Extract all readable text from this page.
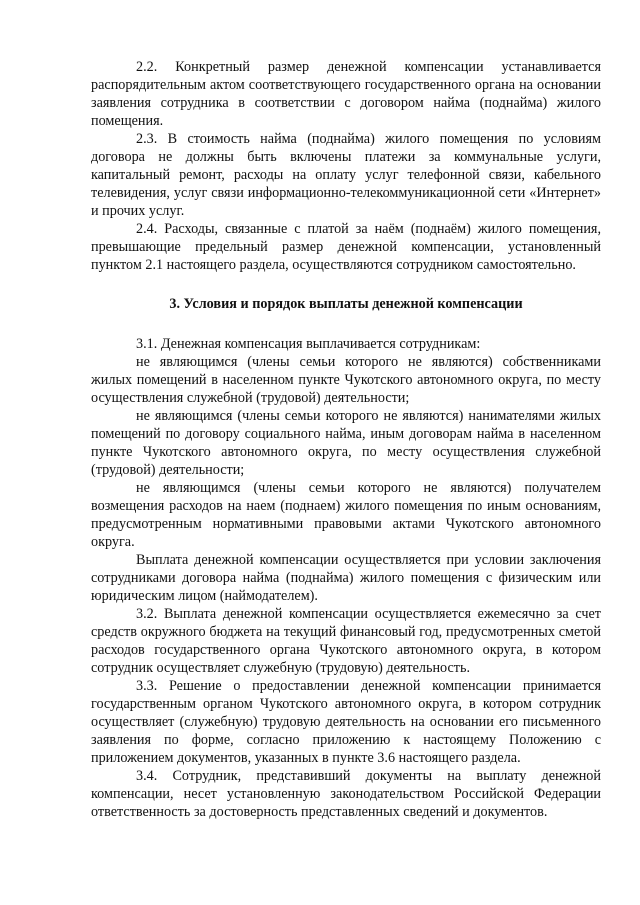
2.2. Конкретный размер денежной компенсации устанавливается распорядительным актом соответствующего государственного органа на основании заявления сотрудника в соответствии с договором найма (поднайма) жилого помещения.

2.3. В стоимость найма (поднайма) жилого помещения по условиям договора не должны быть включены платежи за коммунальные услуги, капитальный ремонт, расходы на оплату услуг телефонной связи, кабельного телевидения, услуг связи информационно-телекоммуникационной сети «Интернет» и прочих услуг.

2.4. Расходы, связанные с платой за наём (поднаём) жилого помещения, превышающие предельный размер денежной компенсации, установленный пунктом 2.1 настоящего раздела, осуществляются сотрудником самостоятельно.

3. Условия и порядок выплаты денежной компенсации

3.1. Денежная компенсация выплачивается сотрудникам:

не являющимся (члены семьи которого не являются) собственниками жилых помещений в населенном пункте Чукотского автономного округа, по месту осуществления служебной (трудовой) деятельности;

не являющимся (члены семьи которого не являются) нанимателями жилых помещений по договору социального найма, иным договорам найма в населенном пункте Чукотского автономного округа, по месту осуществления служебной (трудовой) деятельности;

не являющимся (члены семьи которого не являются) получателем возмещения расходов на наем (поднаем) жилого помещения по иным основаниям, предусмотренным нормативными правовыми актами Чукотского автономного округа.

Выплата денежной компенсации осуществляется при условии заключения сотрудниками договора найма (поднайма) жилого помещения с физическим или юридическим лицом (наймодателем).

3.2. Выплата денежной компенсации осуществляется ежемесячно за счет средств окружного бюджета на текущий финансовый год, предусмотренных сметой расходов государственного органа Чукотского автономного округа, в котором сотрудник осуществляет служебную (трудовую) деятельность.

3.3. Решение о предоставлении денежной компенсации принимается государственным органом Чукотского автономного округа, в котором сотрудник осуществляет (служебную) трудовую деятельность на основании его письменного заявления по форме, согласно приложению к настоящему Положению с приложением документов, указанных в пункте 3.6 настоящего раздела.

3.4. Сотрудник, представивший документы на выплату денежной компенсации, несет установленную законодательством Российской Федерации ответственность за достоверность представленных сведений и документов.
